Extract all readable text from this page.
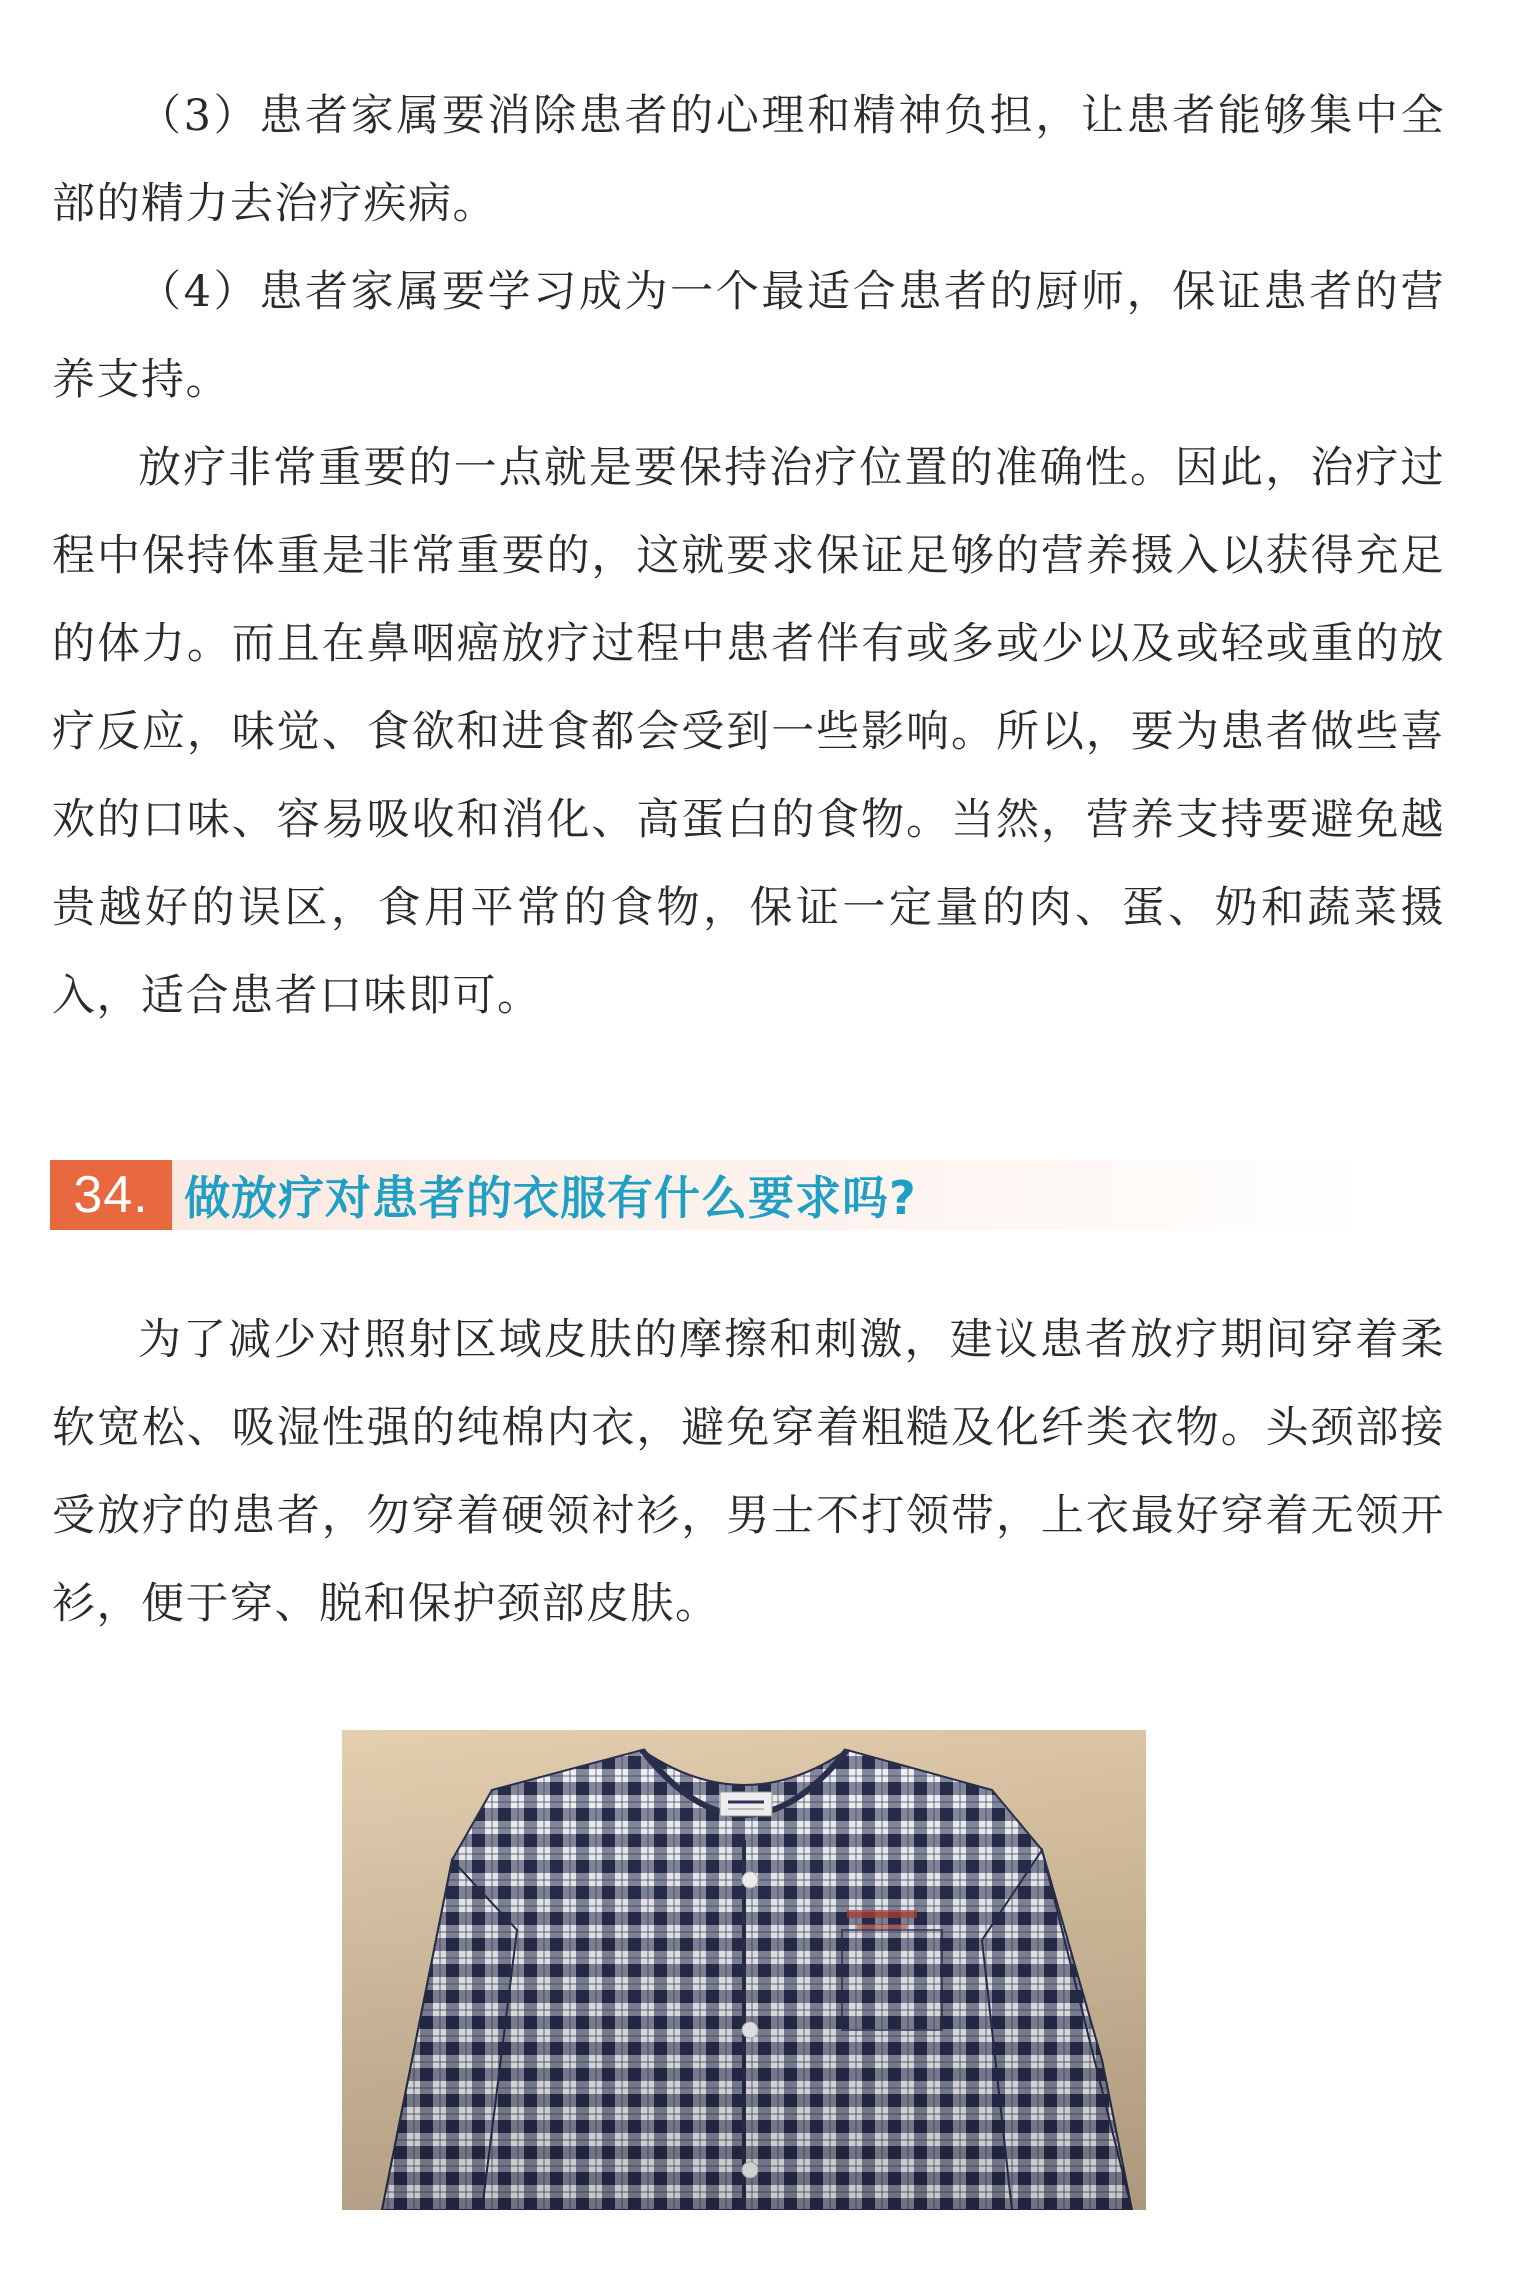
（3）患者家属要消除患者的心理和精神负担，让患者能够集中全部的精力去治疗疾病。

（4）患者家属要学习成为一个最适合患者的厨师，保证患者的营养支持。

放疗非常重要的一点就是要保持治疗位置的准确性。因此，治疗过程中保持体重是非常重要的，这就要求保证足够的营养摄入以获得充足的体力。而且在鼻咽癌放疗过程中患者伴有或多或少以及或轻或重的放疗反应，味觉、食欲和进食都会受到一些影响。所以，要为患者做些喜欢的口味、容易吸收和消化、高蛋白的食物。当然，营养支持要避免越贵越好的误区，食用平常的食物，保证一定量的肉、蛋、奶和蔬菜摄入，适合患者口味即可。

34. 做放疗对患者的衣服有什么要求吗?

为了减少对照射区域皮肤的摩擦和刺激，建议患者放疗期间穿着柔软宽松、吸湿性强的纯棉内衣，避免穿着粗糙及化纤类衣物。头颈部接受放疗的患者，勿穿着硬领衬衫，男士不打领带，上衣最好穿着无领开衫，便于穿、脱和保护颈部皮肤。
